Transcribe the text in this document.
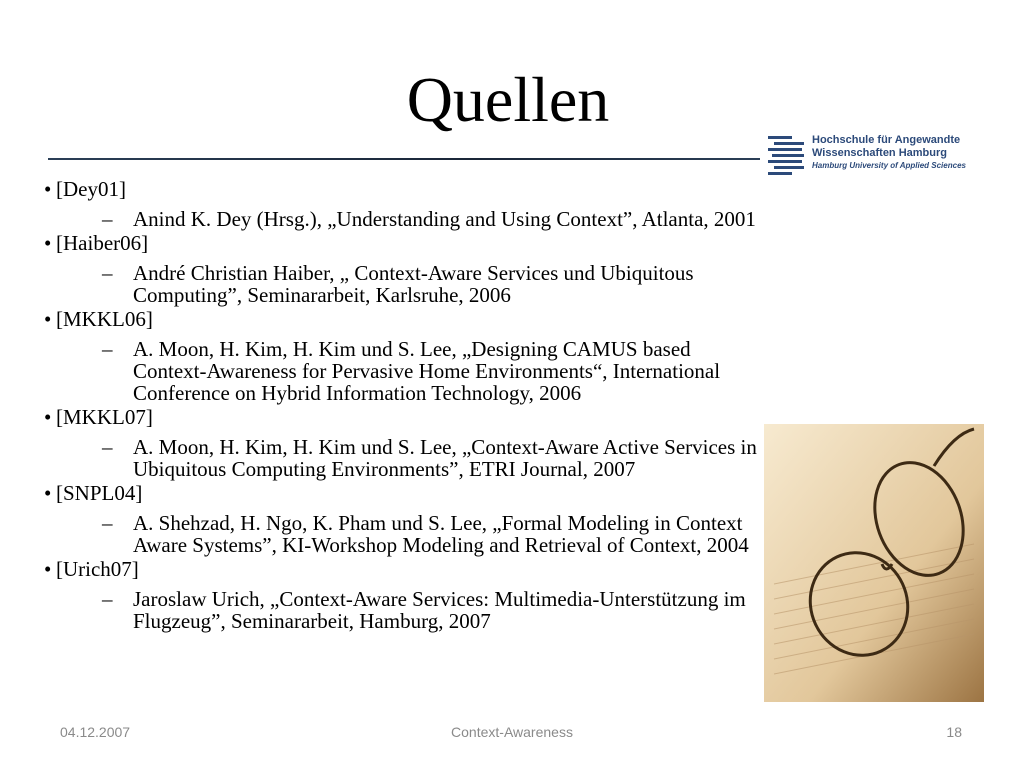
Quellen
Hochschule für Angewandte
Wissenschaften Hamburg
Hamburg University of Applied Sciences
• [Dey01]
– Anind K. Dey (Hrsg.), „Understanding and Using Context”, Atlanta, 2001
• [Haiber06]
– André Christian Haiber, „ Context-Aware Services und Ubiquitous Computing”, Seminararbeit, Karlsruhe, 2006
• [MKKL06]
– A. Moon, H. Kim, H. Kim und S. Lee, „Designing CAMUS based Context-Awareness for Pervasive Home Environments“, International Conference on Hybrid Information Technology, 2006
• [MKKL07]
– A. Moon, H. Kim, H. Kim und S. Lee, „Context-Aware Active Services in Ubiquitous Computing Environments”, ETRI Journal, 2007
• [SNPL04]
– A. Shehzad, H. Ngo, K. Pham und S. Lee, „Formal Modeling in Context Aware Systems”, KI-Workshop Modeling and Retrieval of Context, 2004
• [Urich07]
– Jaroslaw Urich, „Context-Aware Services: Multimedia-Unterstützung im Flugzeug”, Seminararbeit, Hamburg, 2007
04.12.2007	Context-Awareness	18
